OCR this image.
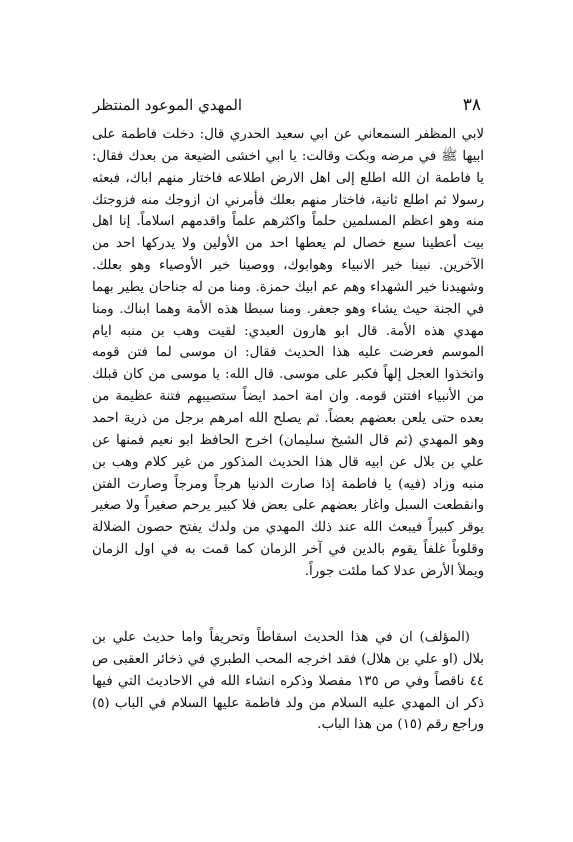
٣٨
المهدي الموعود المنتظر

لابي المظفر السمعاني عن ابي سعيد الحدري قال: دخلت فاطمة على ابيها ﷺ في مرضه وبكت وقالت: يا ابي اخشى الضيعة من بعدك فقال: يا فاطمة ان الله اطلع إلى اهل الارض اطلاعه فاختار منهم اباك، فبعثه رسولا ثم اطلع ثانية، فاختار منهم بعلك فأمرني ان ازوجك منه فزوجتك منه وهو اعظم المسلمين حلماً واكثرهم علماً واقدمهم اسلاماً. إنا اهل بيت أعطينا سبع خصال لم يعطها احد من الأولين ولا يدركها احد من الآخرين. نبينا خير الانبياء وهوابوك، ووصينا خير الأوصياء وهو بعلك. وشهيدنا خير الشهداء وهم عم ابيك حمزة. ومنا من له جناحان يطير بهما في الجنة حيث يشاء وهو جعفر. ومنا سبطا هذه الأمة وهما ابناك. ومنا مهدي هذه الأمة. قال ابو هارون العبدي: لقيت وهب بن منبه ايام الموسم فعرضت عليه هذا الحديث فقال: ان موسى لما فتن قومه واتخذوا العجل إلهاً فكبر على موسى. قال الله: يا موسى من كان قبلك من الأنبياء افتتن قومه. وان امة احمد ايضاً ستصيبهم فتنة عظيمة من بعده حتى يلعن بعضهم بعضاً. ثم يصلح الله امرهم برجل من ذرية احمد وهو المهدي (ثم قال الشيخ سليمان) اخرج الحافظ ابو نعيم فمنها عن علي بن بلال عن ابيه قال هذا الحديث المذكور من غير كلام وهب بن منبه وزاد (فيه) يا فاطمة إذا صارت الدنيا هرجاً ومرجاً وصارت الفتن وانقطعت السبل واغار بعضهم على بعض فلا كبير يرحم صغيراً ولا صغير يوقر كبيراً فيبعث الله عند ذلك المهدي من ولدك يفتح حصون الضلالة وقلوباً غلفاً يقوم بالدين في آخر الزمان كما قمت به في اول الزمان ويملأ الأرض عدلا كما ملئت جوراً.

(المؤلف) ان في هذا الحديث اسقاطاً وتحريفاً واما حديث علي بن بلال (او علي بن هلال) فقد اخرجه المحب الطبري في ذخائر العقبى ص ٤٤ ناقصاً وفي ص ١٣٥ مفصلا وذكره انشاء الله في الاحاديث التي فيها ذكر ان المهدي عليه السلام من ولد فاطمة عليها السلام في الباب (٥) وراجع رقم (١٥) من هذا الباب.
